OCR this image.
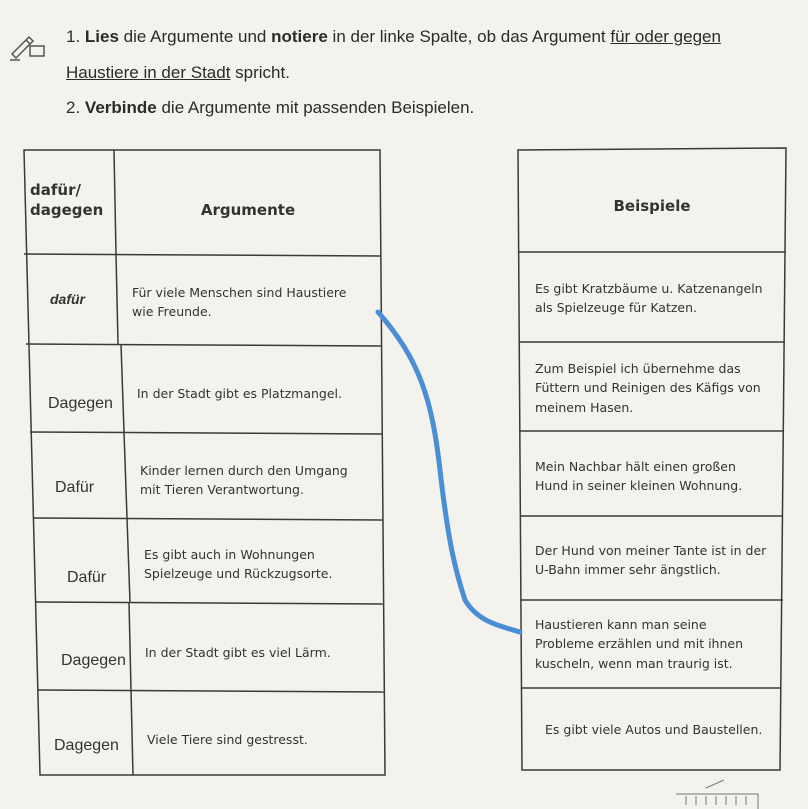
1. Lies die Argumente und notiere in der linke Spalte, ob das Argument für oder gegen
Haustiere in der Stadt spricht.
2. Verbinde die Argumente mit passenden Beispielen.
dafür/
dagegen	Argumente
dafür	Für viele Menschen sind Haustiere
wie Freunde.
Dagegen
In der Stadt gibt es Platzmangel.
Dafür
Kinder lernen durch den Umgang
mit Tieren Verantwortung.
Dafür
Es gibt auch in Wohnungen
Spielzeuge und Rückzugsorte.
Dagegen In der Stadt gibt es viel Lärm.
Dagegen Viele Tiere sind gestresst.
Beispiele
Es gibt Kratzbäume u. Katzenangeln
als Spielzeuge für Katzen.
Zum Beispiel ich übernehme das
Füttern und Reinigen des Käfigs von
meinem Hasen.
Mein Nachbar hält einen großen
Hund in seiner kleinen Wohnung.
Der Hund von meiner Tante ist in der
U-Bahn immer sehr ängstlich.
Haustieren kann man seine
Probleme erzählen und mit ihnen
kuscheln, wenn man traurig ist.
Es gibt viele Autos und Baustellen.
